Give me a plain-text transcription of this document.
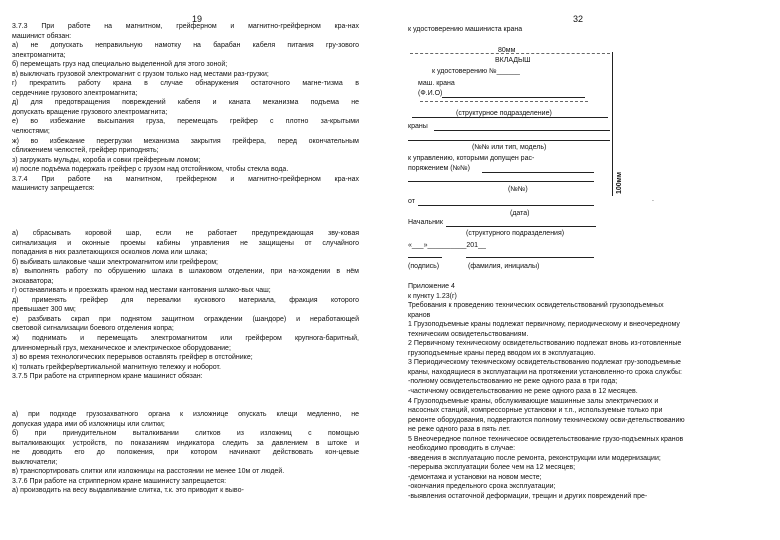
19
3.7.3 При работе на магнитном, грейферном и магнитно-грейферном кра-нах
машинист обязан:
а) не допускать неправильную намотку на барабан кабеля питания гру-зового
электромагнита;
б) перемещать груз над специально выделенной для этого зоной;
в) выключать грузовой электромагнит с грузом только над местами раз-грузки;
г) прекратить работу крана в случае обнаружения остаточного магне-тизма в
сердечнике грузового электромагнита;
д) для предотвращения повреждений кабеля и каната механизма подъема не
допускать вращение грузового электромагнита;
е) во избежание высыпания груза, перемещать грейфер с плотно за-крытыми
челюстями;
ж) во избежание перегрузки механизма закрытия грейфера, перед окончательным
сближением челюстей, грейфер приподнять;
з) загружать мульды, короба и совки грейферным ломом;
и) после подъёма подержать грейфер с грузом над отстойником, чтобы стекла вода.
3.7.4 При работе на магнитном, грейферном и магнитно-грейферном кра-нах
машинисту запрещается:
а) сбрасывать коровой шар, если не работает предупреждающая зву-ковая
сигнализация и оконные проемы кабины управления не защищены от случайного
попадания в них разлетающихся осколков лома или шлака;
б) выбивать шлаковые чаши электромагнитом или грейфером;
в) выполнять работу по обрушению шлака в шлаковом отделении, при на-хождении в нём
экскаватора;
г) останавливать и проезжать краном над местами кантования шлако-вых чаш;
д) применять грейфер для перевалки кускового материала, фракция которого
превышает 300 мм;
е) разбивать скрап при поднятом защитном ограждении (шандоре) и неработающей
световой сигнализации боевого отделения копра;
ж) поднимать и перемещать электромагнитом или грейфером крупнога-баритный,
длинномерный груз, механическое и электрическое оборудование;
з) во время технологических перерывов оставлять грейфер в отстойнике;
к) толкать грейфер/вертикальной магнитную тележку и ноборот.
3.7.5 При работе на стрипперном кране машинист обязан:
а) при подходе грузозахватного органа к изложнице опускать клещи медленно, не
допуская удара ими об изложницы или слитки;
б) при принудительном выталкивании слитков из изложниц с помощью
выталкивающих устройств, по показаниям индикатора следить за давлением в штоке и
не доводить его до положения, при котором начинают действовать кон-цевые
выключатели;
в) транспортировать слитки или изложницы на расстоянии не менее 10м от людей.
3.7.6 При работе на стрипперном кране машинисту запрещается:
а) производить на весу выдавливание слитка, т.к. это приводит к выво-
32
к удостоверению машиниста крана
80мм
ВКЛАДЫШ
к удостоверению №______
маш. крана
(Ф.И.О)
(структурное подразделение)
краны
(№№ или тип, модель)
к управлению, которыми допущен рас-
поряжением (№№)
(№№)
от
(дата)
Начальник
(структурного подразделения)
«___»__________201__
(подпись)	(фамилия, инициалы)
100мм
.
Приложение 4
к пункту 1.23(г)
Требования к проведению технических освидетельствований грузоподъемных
кранов
1 Грузоподъемные краны подлежат первичному, периодическому и внеочередному
техническим освидетельствованиям.
2 Первичному техническому освидетельствованию подлежат вновь из-готовленные
грузоподъемные краны перед вводом их в эксплуатацию.
3 Периодическому техническому освидетельствованию подлежат гру-зоподъемные
краны, находящиеся в эксплуатации на протяжении установленно-го срока службы:
-полному освидетельствованию не реже одного раза в три года;
-частичному освидетельствованию не реже одного раза в 12 месяцев.
4 Грузоподъемные краны, обслуживающие машинные залы электрических и
насосных станций, компрессорные установки и т.п., используемые только при
ремонте оборудования, подвергаются полному техническому осви-детельствованию
не реже одного раза в пять лет.
5 Внеочередное полное техническое освидетельствование грузо-подъемных кранов
необходимо проводить в случае:
-введения в эксплуатацию после ремонта, реконструкции или модернизации;
-перерыва эксплуатации более чем на 12 месяцев;
-демонтажа и установки на новом месте;
-окончания предельного срока эксплуатации;
-выявления остаточной деформации, трещин и других повреждений пре-
